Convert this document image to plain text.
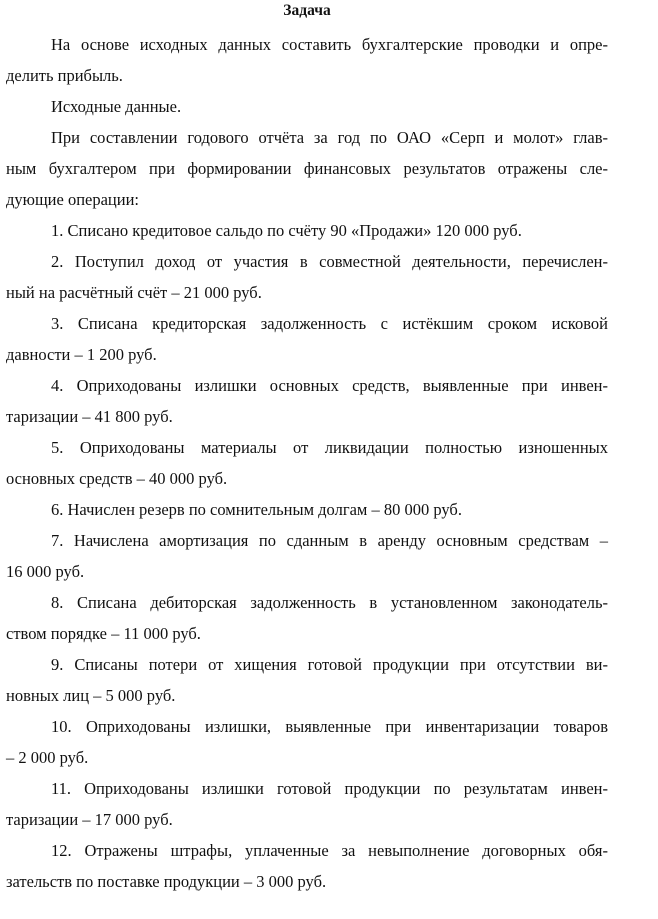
Задача

На основе исходных данных составить бухгалтерские проводки и опре-
делить прибыль.

Исходные данные.

При составлении годового отчёта за год по ОАО «Серп и молот» глав-
ным бухгалтером при формировании финансовых результатов отражены сле-
дующие операции:

1. Списано кредитовое сальдо по счёту 90 «Продажи» 120 000 руб.

2. Поступил доход от участия в совместной деятельности, перечислен-
ный на расчётный счёт – 21 000 руб.

3. Списана кредиторская задолженность с истёкшим сроком исковой
давности – 1 200 руб.

4. Оприходованы излишки основных средств, выявленные при инвен-
таризации – 41 800 руб.

5. Оприходованы материалы от ликвидации полностью изношенных
основных средств – 40 000 руб.

6. Начислен резерв по сомнительным долгам – 80 000 руб.

7. Начислена амортизация по сданным в аренду основным средствам –
16 000 руб.

8. Списана дебиторская задолженность в установленном законодатель-
ством порядке – 11 000 руб.

9. Списаны потери от хищения готовой продукции при отсутствии ви-
новных лиц – 5 000 руб.

10. Оприходованы излишки, выявленные при инвентаризации товаров
– 2 000 руб.

11. Оприходованы излишки готовой продукции по результатам инвен-
таризации – 17 000 руб.

12. Отражены штрафы, уплаченные за невыполнение договорных обя-
зательств по поставке продукции – 3 000 руб.
